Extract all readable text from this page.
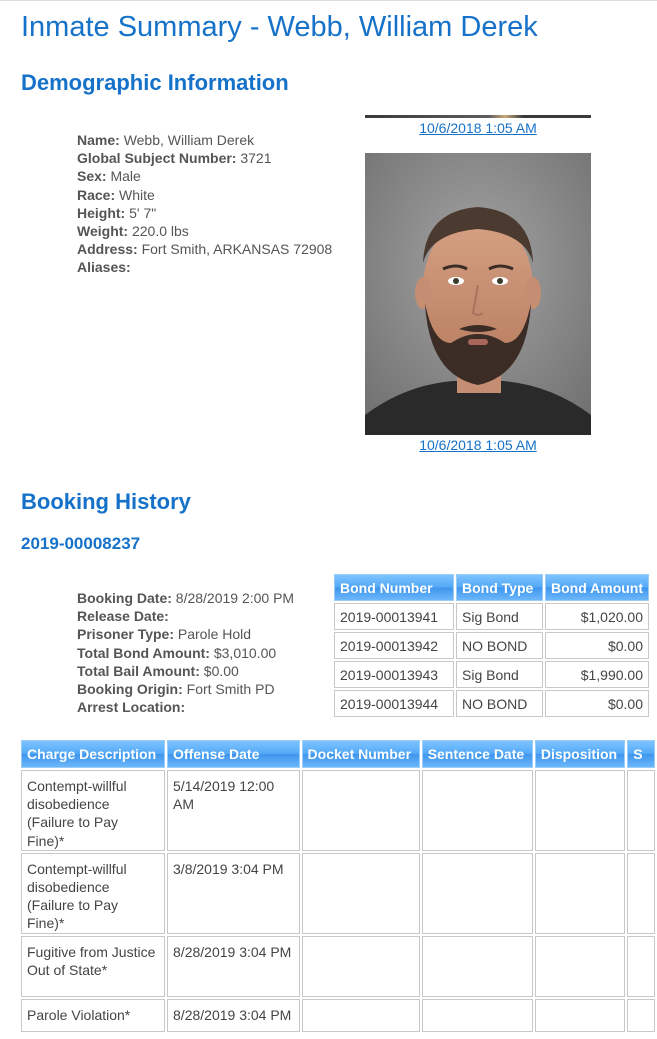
Inmate Summary - Webb, William Derek
Demographic Information
Name: Webb, William Derek
Global Subject Number: 3721
Sex: Male
Race: White
Height: 5' 7"
Weight: 220.0 lbs
Address: Fort Smith, ARKANSAS 72908
Aliases:
10/6/2018 1:05 AM
10/6/2018 1:05 AM
Booking History
2019-00008237
Booking Date: 8/28/2019 2:00 PM
Release Date:
Prisoner Type: Parole Hold
Total Bond Amount: $3,010.00
Total Bail Amount: $0.00
Booking Origin: Fort Smith PD
Arrest Location:
Bond Number	Bond Type	Bond Amount
2019-00013941	Sig Bond	$1,020.00
2019-00013942	NO BOND	$0.00
2019-00013943	Sig Bond	$1,990.00
2019-00013944	NO BOND	$0.00
Charge Description	Offense Date	Docket Number	Sentence Date	Disposition	S
Contempt-willful disobedience (Failure to Pay Fine)*	5/14/2019 12:00 AM				
Contempt-willful disobedience (Failure to Pay Fine)*	3/8/2019 3:04 PM				
Fugitive from Justice Out of State*	8/28/2019 3:04 PM				
Parole Violation*	8/28/2019 3:04 PM				
